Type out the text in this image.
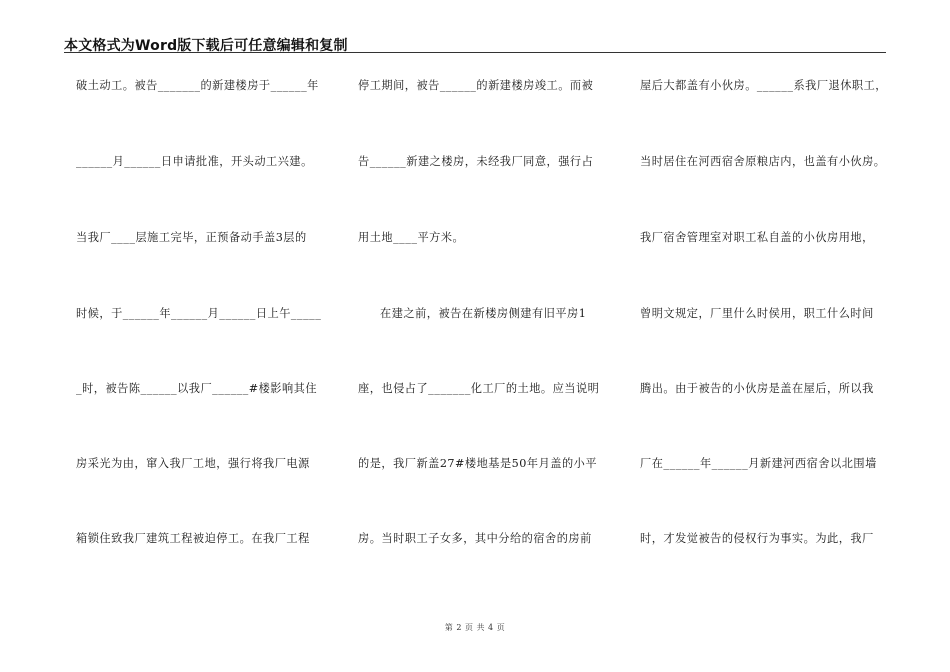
本文格式为Word版下载后可任意编辑和复制
破土动工。被告_______的新建楼房于______年
______月______日申请批准，开头动工兴建。
当我厂____层施工完毕，正预备动手盖3层的
时候，于______年______月______日上午_____
_时，被告陈______以我厂______#楼影响其住
房采光为由，窜入我厂工地，强行将我厂电源
箱锁住致我厂建筑工程被迫停工。在我厂工程
停工期间，被告______的新建楼房竣工。而被
告______新建之楼房，未经我厂同意，强行占
用土地____平方米。
在建之前，被告在新楼房侧建有旧平房1
座，也侵占了_______化工厂的土地。应当说明
的是，我厂新盖27#楼地基是50年月盖的小平
房。当时职工子女多，其中分给的宿舍的房前
屋后大都盖有小伙房。______系我厂退休职工，
当时居住在河西宿舍原粮店内，也盖有小伙房。
我厂宿舍管理室对职工私自盖的小伙房用地，
曾明文规定，厂里什么时侯用，职工什么时间
腾出。由于被告的小伙房是盖在屋后，所以我
厂在______年______月新建河西宿舍以北围墙
时，才发觉被告的侵权行为事实。为此，我厂
第 2 页 共 4 页
